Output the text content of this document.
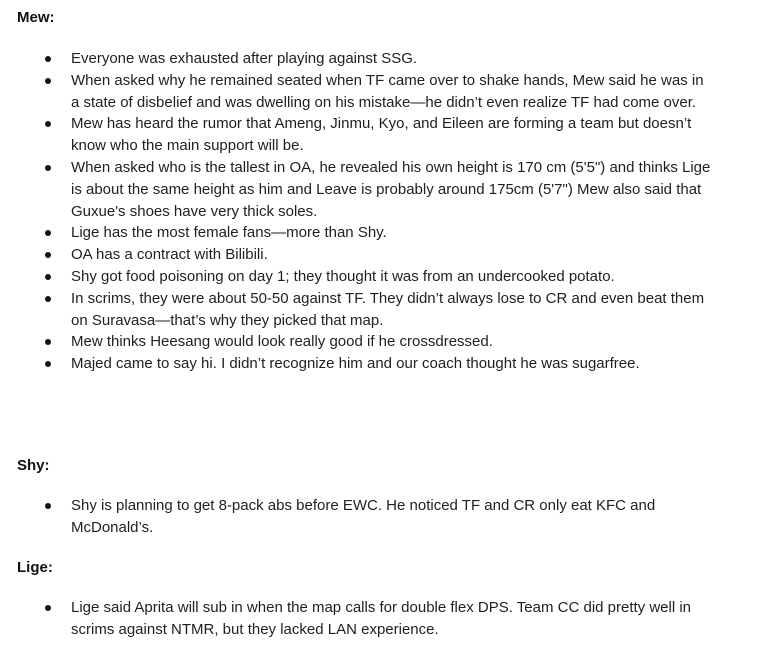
Mew:
Everyone was exhausted after playing against SSG.
When asked why he remained seated when TF came over to shake hands, Mew said he was in a state of disbelief and was dwelling on his mistake—he didn’t even realize TF had come over.
Mew has heard the rumor that Ameng, Jinmu, Kyo, and Eileen are forming a team but doesn’t know who the main support will be.
When asked who is the tallest in OA, he revealed his own height is 170 cm (5'5") and thinks Lige is about the same height as him and Leave is probably around 175cm (5'7") Mew also said that Guxue's shoes have very thick soles.
Lige has the most female fans—more than Shy.
OA has a contract with Bilibili.
Shy got food poisoning on day 1; they thought it was from an undercooked potato.
In scrims, they were about 50-50 against TF. They didn’t always lose to CR and even beat them on Suravasa—that’s why they picked that map.
Mew thinks Heesang would look really good if he crossdressed.
Majed came to say hi. I didn’t recognize him and our coach thought he was sugarfree.
Shy:
Shy is planning to get 8-pack abs before EWC. He noticed TF and CR only eat KFC and McDonald’s.
Lige:
Lige said Aprita will sub in when the map calls for double flex DPS. Team CC did pretty well in scrims against NTMR, but they lacked LAN experience.
